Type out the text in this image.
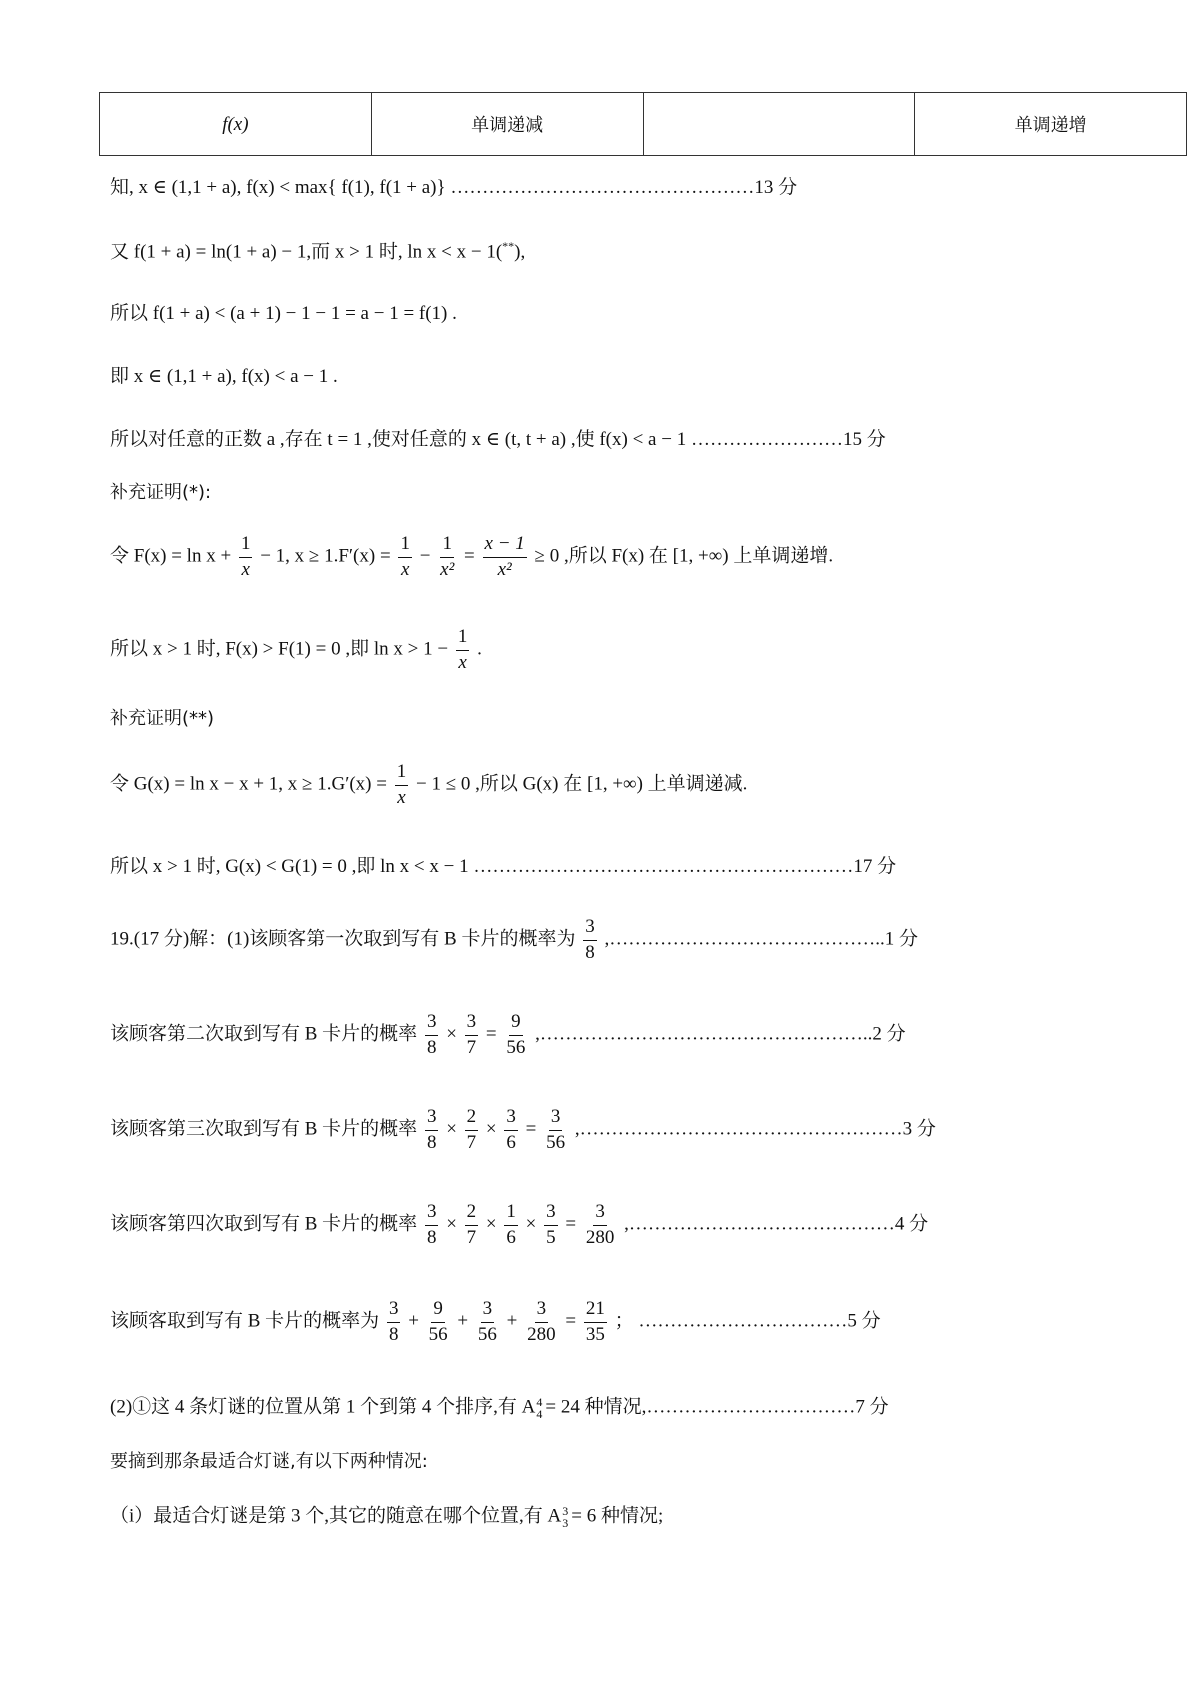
f(x)	单调递减		单调递增
知, x ∈ (1,1 + a), f(x) < max{ f(1), f(1 + a)} …………………………………………13 分
又 f(1 + a) = ln(1 + a) − 1,而 x > 1 时, ln x < x − 1(**),
所以 f(1 + a) < (a + 1) − 1 − 1 = a − 1 = f(1) .
即 x ∈ (1,1 + a), f(x) < a − 1 .
所以对任意的正数 a ,存在 t = 1 ,使对任意的 x ∈ (t, t + a) ,使 f(x) < a − 1 ……………………15 分
补充证明(*):
令 $F(x) = \ln x + \frac{1}{x} - 1$, $x \ge 1.F'(x) = \frac{1}{x} - \frac{1}{\text{x²}} = \frac{x - 1}{\text{x²}} \ge 0$ ,所以 F(x) 在 [1, +∞) 上单调递增.
所以 x > 1 时, F(x) > F(1) = 0 ,即 $\ln x > 1 - \frac{1}{x}$ .
补充证明(**)
令 G(x) = ln x − x + 1, $x \ge 1.G'(x) = \frac{1}{x} - 1 \le 0$ ,所以 G(x) 在 [1, +∞) 上单调递减.
所以 x > 1 时, G(x) < G(1) = 0 ,即 ln x < x − 1 ……………………………………………………17 分
19.(17 分)解：(1)该顾客第一次取到写有 B 卡片的概率为 $\frac{3}{8}$ ,……………………………………..1 分
该顾客第二次取到写有 B 卡片的概率 $\frac{3}{8} \times \frac{3}{7} = \frac{9}{56}$ ,……………………………………………..2 分
该顾客第三次取到写有 B 卡片的概率 $\frac{3}{8} \times \frac{2}{7} \times \frac{3}{6} = \frac{3}{56}$ ,……………………………………………3 分
该顾客第四次取到写有 B 卡片的概率 $\frac{3}{8} \times \frac{2}{7} \times \frac{1}{6} \times \frac{3}{5} = \frac{3}{280}$ ,……………………………………4 分
该顾客取到写有 B 卡片的概率为 $\frac{3}{8} + \frac{9}{56} + \frac{3}{56} + \frac{3}{280} = \frac{21}{35}$ ； ……………………………5 分
(2)①这 4 条灯谜的位置从第 1 个到第 4 个排序,有 A 4
4 = 24 种情况,……………………………7 分
要摘到那条最适合灯谜,有以下两种情况:
（i）最适合灯谜是第 3 个,其它的随意在哪个位置,有 A 3
3 = 6 种情况;
